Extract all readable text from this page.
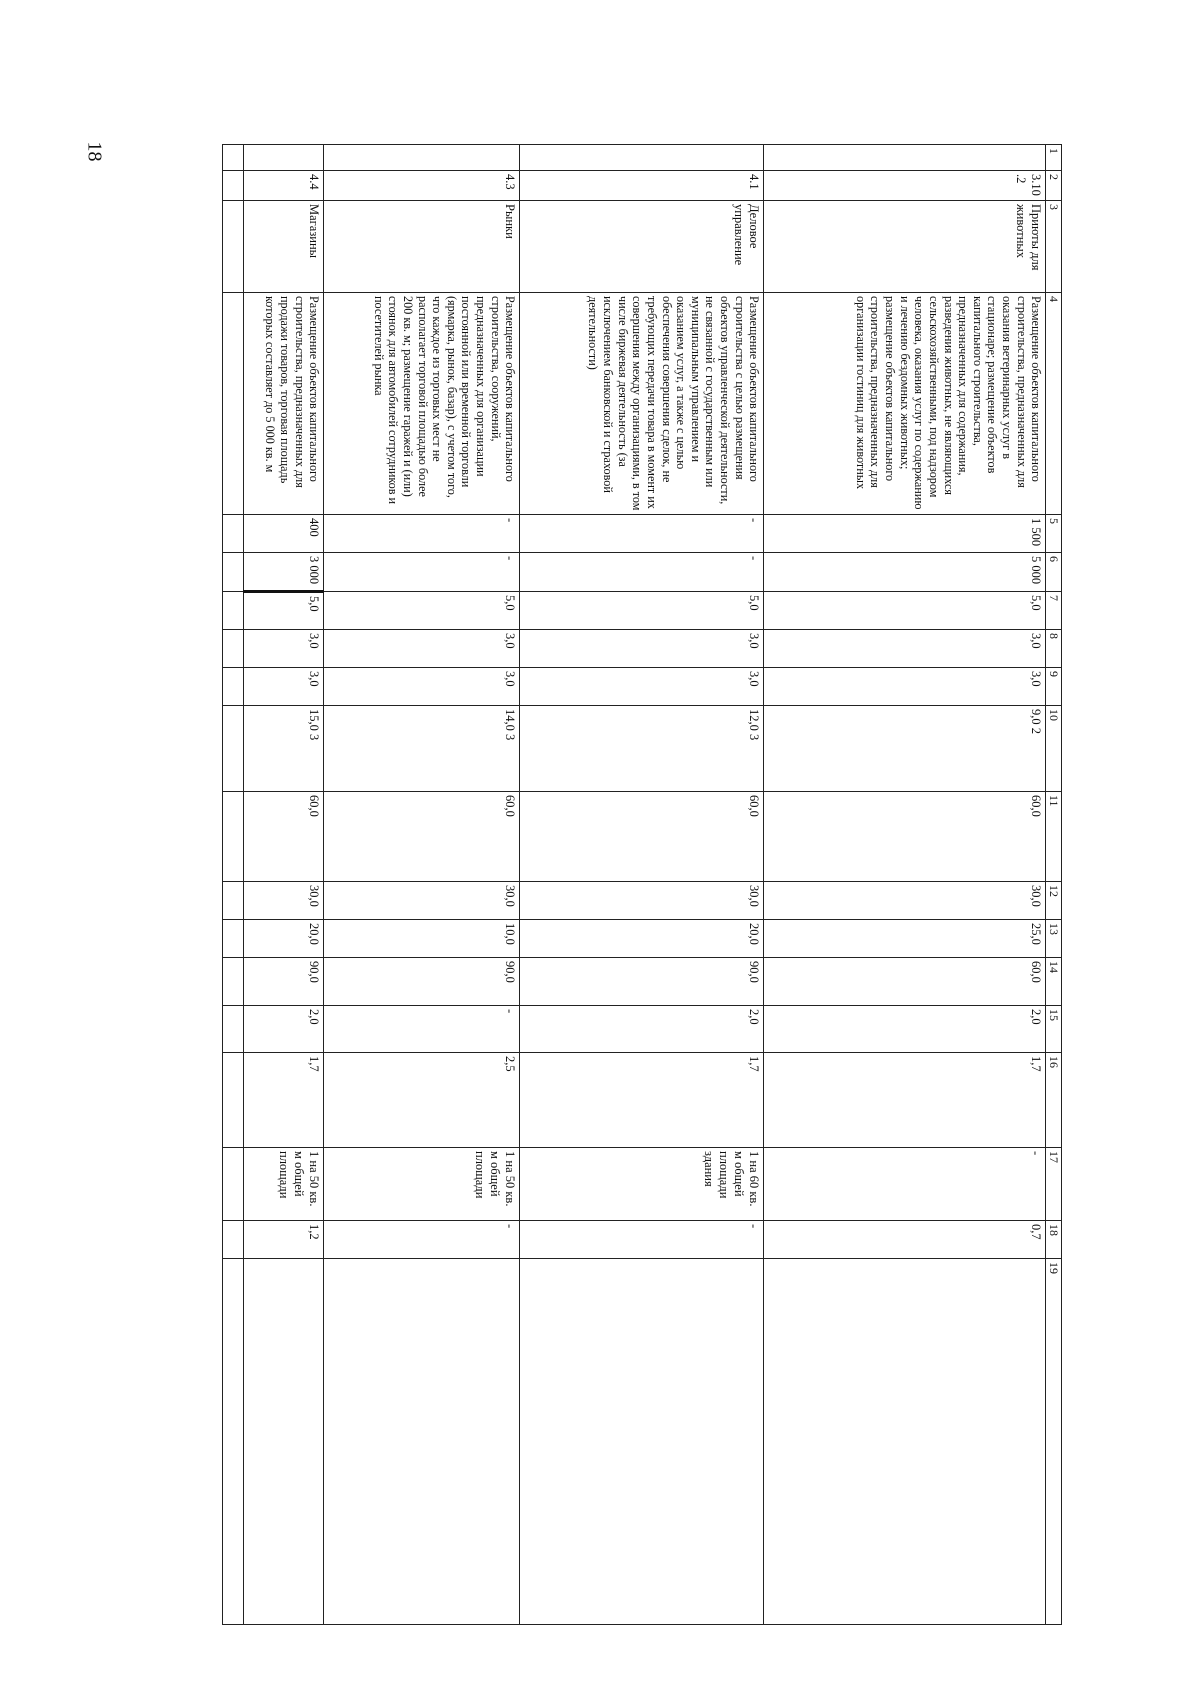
18	1	2	3	4	5	6	7	8	9	10	11	12	13	14	15	16	17	18	19
	3.10.2	Приюты для животных	Размещение объектов капитального строительства, предназначенных для оказания ветеринарных услуг в стационаре; размещение объектов капитального строительства, предназначенных для содержания, разведения животных, не являющихся сельскохозяйственными, под надзором человека, оказания услуг по содержанию и лечению бездомных животных; размещение объектов капитального строительства, предназначенных для организации гостиниц для животных	1 500	5 000	5,0	3,0	3,0	9,0 2	60,0	30,0	25,0	60,0	2,0	1,7	-	0,7	
	4.1	Деловое управление	Размещение объектов капитального строительства с целью размещения объектов управленческой деятельности, не связанной с государственным или муниципальным управлением и оказанием услуг, а также с целью обеспечения совершения сделок, не требующих передачи товара в момент их совершения между организациями, в том числе биржевая деятельность (за исключением банковской и страховой деятельности)	-	-	5,0	3,0	3,0	12,0 3	60,0	30,0	20,0	90,0	2,0	1,7	1 на 60 кв. м общей площади здания	-	
	4.3	Рынки	Размещение объектов капитального строительства, сооружений, предназначенных для организации постоянной или временной торговли (ярмарка, рынок, базар), с учетом того, что каждое из торговых мест не располагает торговой площадью более 200 кв. м; размещение гаражей и (или) стоянок для автомобилей сотрудников и посетителей рынка	-	-	5,0	3,0	3,0	14,0 3	60,0	30,0	10,0	90,0	-	2,5	1 на 50 кв. м общей площади	-	
	4.4	Магазины	Размещение объектов капитального строительства, предназначенных для продажи товаров, торговая площадь которых составляет до 5 000 кв. м	400	3 000	5,0	3,0	3,0	15,0 3	60,0	30,0	20,0	90,0	2,0	1,7	1 на 50 кв. м общей площади	1,2	
